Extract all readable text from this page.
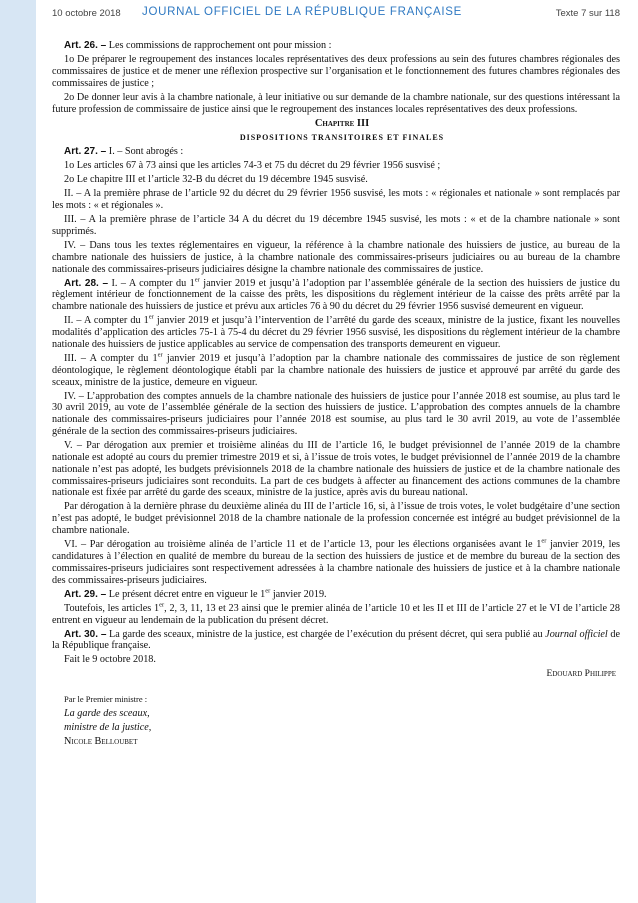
10 octobre 2018 JOURNAL OFFICIEL DE LA RÉPUBLIQUE FRANÇAISE	Texte 7 sur 118

Art. 26. – Les commissions de rapprochement ont pour mission :

1o De préparer le regroupement des instances locales représentatives des deux professions au sein des futures chambres régionales des commissaires de justice et de mener une réflexion prospective sur l’organisation et le fonctionnement des futures chambres régionales des commissaires de justice ;

2o De donner leur avis à la chambre nationale, à leur initiative ou sur demande de la chambre nationale, sur des questions intéressant la future profession de commissaire de justice ainsi que le regroupement des instances locales représentatives des deux professions.

Chapitre III

DISPOSITIONS TRANSITOIRES ET FINALES

Art. 27. – I. – Sont abrogés :

1o Les articles 67 à 73 ainsi que les articles 74-3 et 75 du décret du 29 février 1956 susvisé ;

2o Le chapitre III et l’article 32-B du décret du 19 décembre 1945 susvisé.

II. – A la première phrase de l’article 92 du décret du 29 février 1956 susvisé, les mots : « régionales et nationale » sont remplacés par les mots : « et régionales ».

III. – A la première phrase de l’article 34 A du décret du 19 décembre 1945 susvisé, les mots : « et de la chambre nationale » sont supprimés.

IV. – Dans tous les textes réglementaires en vigueur, la référence à la chambre nationale des huissiers de justice, au bureau de la chambre nationale des huissiers de justice, à la chambre nationale des commissaires-priseurs judiciaires ou au bureau de la chambre nationale des commissaires-priseurs judiciaires désigne la chambre nationale des commissaires de justice.

Art. 28. – I. – A compter du 1er janvier 2019 et jusqu’à l’adoption par l’assemblée générale de la section des huissiers de justice du règlement intérieur de fonctionnement de la caisse des prêts, les dispositions du règlement intérieur de la caisse des prêts arrêté par la chambre nationale des huissiers de justice et prévu aux articles 76 à 90 du décret du 29 février 1956 susvisé demeurent en vigueur.

II. – A compter du 1er janvier 2019 et jusqu’à l’intervention de l’arrêté du garde des sceaux, ministre de la justice, fixant les nouvelles modalités d’application des articles 75-1 à 75-4 du décret du 29 février 1956 susvisé, les dispositions du règlement intérieur de la chambre nationale des huissiers de justice applicables au service de compensation des transports demeurent en vigueur.

III. – A compter du 1er janvier 2019 et jusqu’à l’adoption par la chambre nationale des commissaires de justice de son règlement déontologique, le règlement déontologique établi par la chambre nationale des huissiers de justice et approuvé par arrêté du garde des sceaux, ministre de la justice, demeure en vigueur.

IV. – L’approbation des comptes annuels de la chambre nationale des huissiers de justice pour l’année 2018 est soumise, au plus tard le 30 avril 2019, au vote de l’assemblée générale de la section des huissiers de justice. L’approbation des comptes annuels de la chambre nationale des commissaires-priseurs judiciaires pour l’année 2018 est soumise, au plus tard le 30 avril 2019, au vote de l’assemblée générale de la section des commissaires-priseurs judiciaires.

V. – Par dérogation aux premier et troisième alinéas du III de l’article 16, le budget prévisionnel de l’année 2019 de la chambre nationale est adopté au cours du premier trimestre 2019 et si, à l’issue de trois votes, le budget prévisionnel de l’année 2019 de la chambre nationale n’est pas adopté, les budgets prévisionnels 2018 de la chambre nationale des huissiers de justice et de la chambre nationale des commissaires-priseurs judiciaires sont reconduits. La part de ces budgets à affecter au financement des actions communes de la chambre nationale est fixée par arrêté du garde des sceaux, ministre de la justice, après avis du bureau national.

Par dérogation à la dernière phrase du deuxième alinéa du III de l’article 16, si, à l’issue de trois votes, le volet budgétaire d’une section n’est pas adopté, le budget prévisionnel 2018 de la chambre nationale de la profession concernée est intégré au budget prévisionnel de la chambre nationale.

VI. – Par dérogation au troisième alinéa de l’article 11 et de l’article 13, pour les élections organisées avant le 1er janvier 2019, les candidatures à l’élection en qualité de membre du bureau de la section des huissiers de justice et de membre du bureau de la section des commissaires-priseurs judiciaires sont respectivement adressées à la chambre nationale des huissiers de justice et à la chambre nationale des commissaires-priseurs judiciaires.

Art. 29. – Le présent décret entre en vigueur le 1er janvier 2019.

Toutefois, les articles 1er, 2, 3, 11, 13 et 23 ainsi que le premier alinéa de l’article 10 et les II et III de l’article 27 et le VI de l’article 28 entrent en vigueur au lendemain de la publication du présent décret.

Art. 30. – La garde des sceaux, ministre de la justice, est chargée de l’exécution du présent décret, qui sera publié au Journal officiel de la République française.

Fait le 9 octobre 2018.

Edouard Philippe

Par le Premier ministre :

La garde des sceaux,

ministre de la justice,

Nicole Belloubet
